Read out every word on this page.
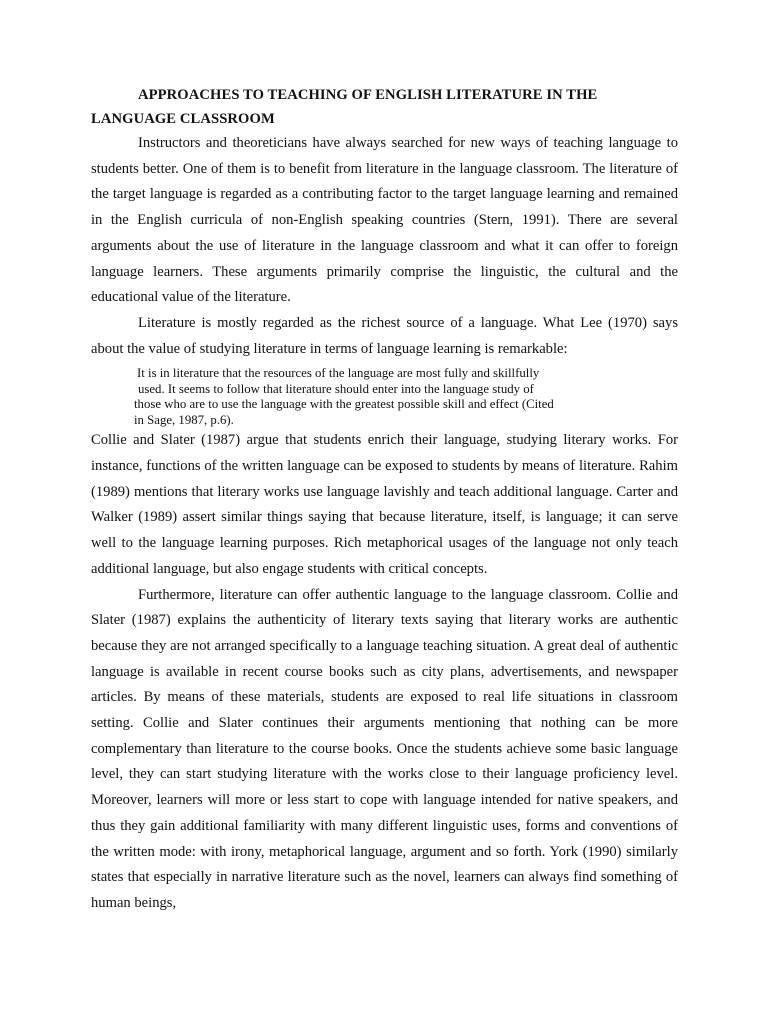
APPROACHES TO TEACHING OF ENGLISH LITERATURE IN THE
LANGUAGE CLASSROOM

Instructors and theoreticians have always searched for new ways of teaching language to students better. One of them is to benefit from literature in the language classroom. The literature of the target language is regarded as a contributing factor to the target language learning and remained in the English curricula of non-English speaking countries (Stern, 1991). There are several arguments about the use of literature in the language classroom and what it can offer to foreign language learners. These arguments primarily comprise the linguistic, the cultural and the educational value of the literature.

Literature is mostly regarded as the richest source of a language. What Lee (1970) says about the value of studying literature in terms of language learning is remarkable:

It is in literature that the resources of the language are most fully and skillfully
used. It seems to follow that literature should enter into the language study of
those who are to use the language with the greatest possible skill and effect (Cited
in Sage, 1987, p.6).

Collie and Slater (1987) argue that students enrich their language, studying literary works. For instance, functions of the written language can be exposed to students by means of literature. Rahim (1989) mentions that literary works use language lavishly and teach additional language. Carter and Walker (1989) assert similar things saying that because literature, itself, is language; it can serve well to the language learning purposes. Rich metaphorical usages of the language not only teach additional language, but also engage students with critical concepts.

Furthermore, literature can offer authentic language to the language classroom. Collie and Slater (1987) explains the authenticity of literary texts saying that literary works are authentic because they are not arranged specifically to a language teaching situation. A great deal of authentic language is available in recent course books such as city plans, advertisements, and newspaper articles. By means of these materials, students are exposed to real life situations in classroom setting. Collie and Slater continues their arguments mentioning that nothing can be more complementary than literature to the course books. Once the students achieve some basic language level, they can start studying literature with the works close to their language proficiency level. Moreover, learners will more or less start to cope with language intended for native speakers, and thus they gain additional familiarity with many different linguistic uses, forms and conventions of the written mode: with irony, metaphorical language, argument and so forth. York (1990) similarly states that especially in narrative literature such as the novel, learners can always find something of human beings,
